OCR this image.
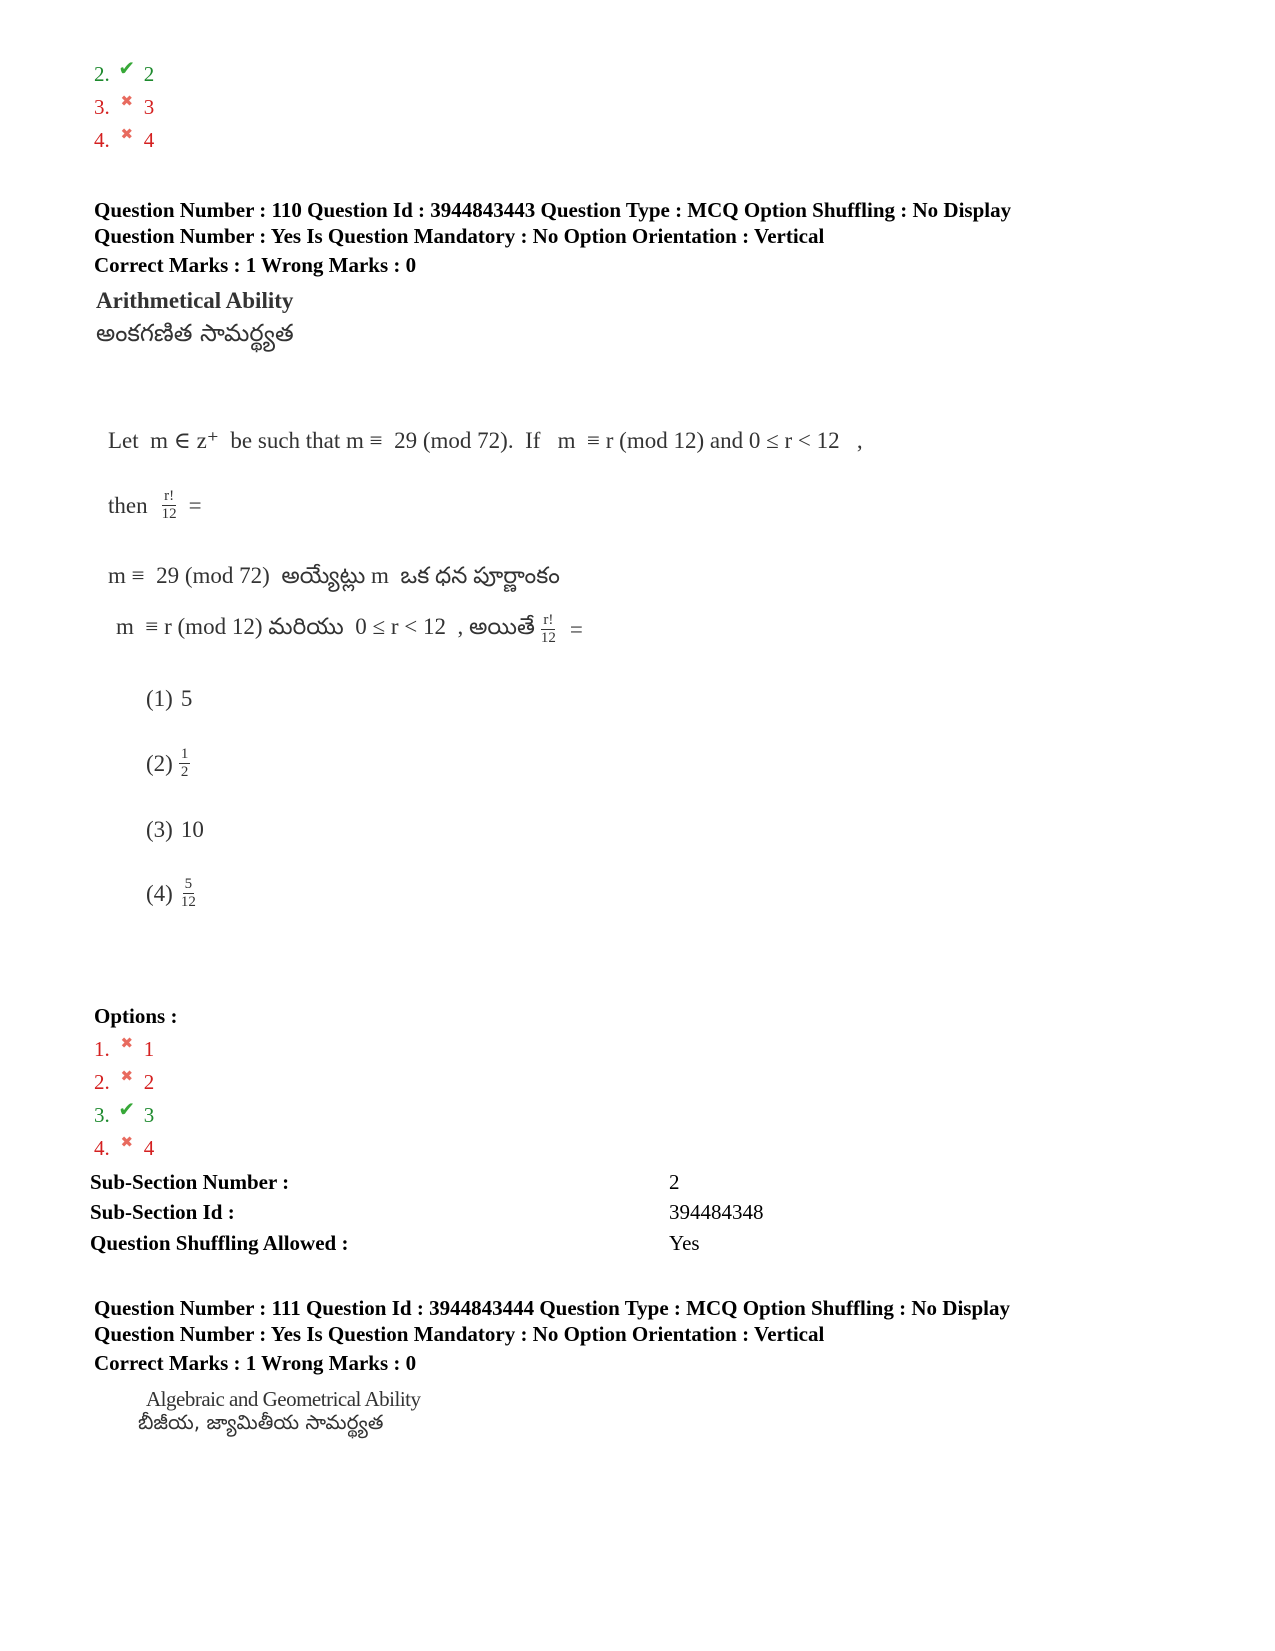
2. ✔ 2
3. ✖ 3
4. ✖ 4
Question Number : 110 Question Id : 3944843443 Question Type : MCQ Option Shuffling : No Display
Question Number : Yes Is Question Mandatory : No Option Orientation : Vertical
Correct Marks : 1 Wrong Marks : 0
Arithmetical Ability
అంకగణిత సామర్థ్యత
Let  m ∈ z⁺  be such that m ≡  29 (mod 72).  If   m  ≡ r (mod 12) and 0 ≤ r < 12   ,
then $\frac{r!}{12}$ =
m ≡  29 (mod 72)  అయ్యేట్లు m  ఒక ధన పూర్ణాంకం
m  ≡ r (mod 12) మరియు  0 ≤ r < 12  , అయితే $\frac{r!}{12}$ =
(1) 5
$(2) \frac{1}{2}$
(3) 10
$(4) \frac{5}{12}$
Options :
1. ✖ 1
2. ✖ 2
3. ✔ 3
4. ✖ 4
Sub-Section Number :	2
Sub-Section Id :	394484348
Question Shuffling Allowed :	Yes
Question Number : 111 Question Id : 3944843444 Question Type : MCQ Option Shuffling : No Display
Question Number : Yes Is Question Mandatory : No Option Orientation : Vertical
Correct Marks : 1 Wrong Marks : 0
Algebraic and Geometrical Ability
బీజీయ, జ్యామితీయ సామర్థ్యత
